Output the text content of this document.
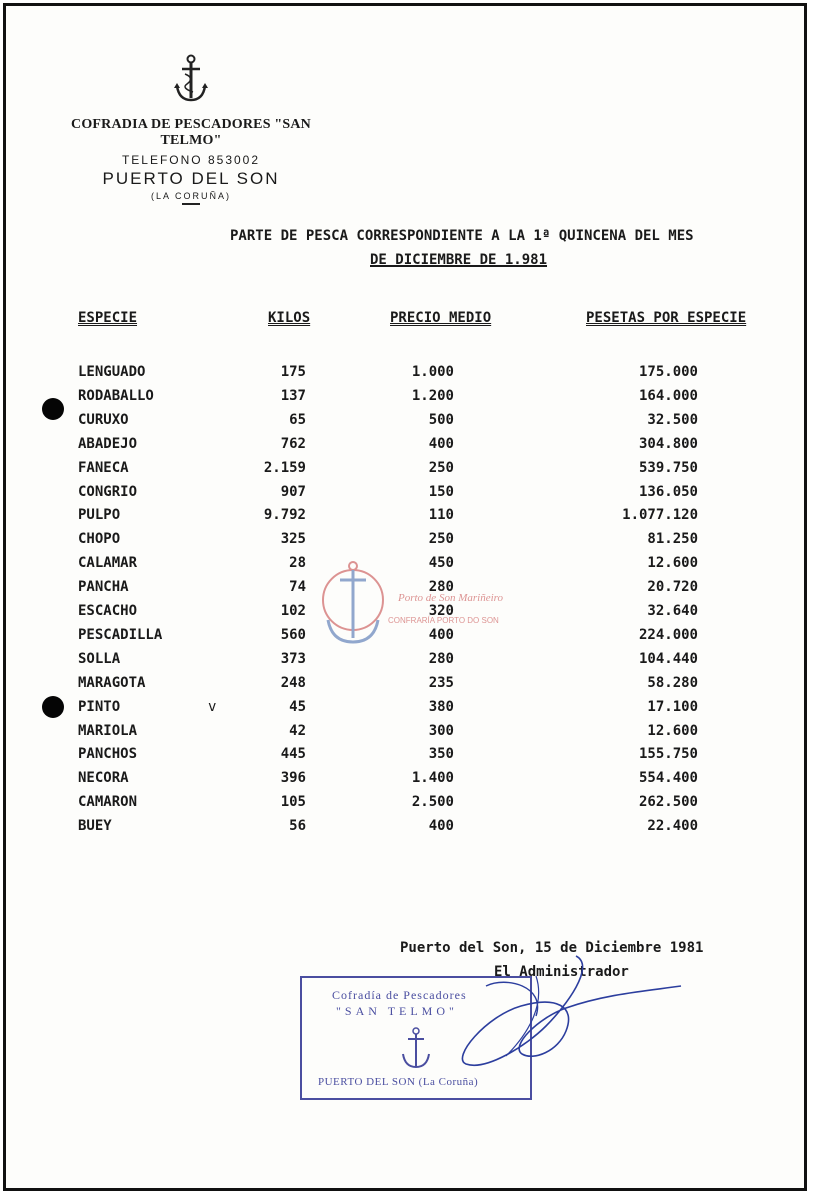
COFRADIA DE PESCADORES "SAN TELMO"
TELEFONO 853002
PUERTO DEL SON
(LA CORUÑA)
PARTE DE PESCA CORRESPONDIENTE A LA 1ª QUINCENA DEL MES
DE DICIEMBRE DE 1.981
ESPECIE	KILOS	PRECIO MEDIO	PESETAS POR ESPECIE
LENGUADO	175	1.000	175.000
RODABALLO	137	1.200	164.000
CURUXO	65	500	32.500
ABADEJO	762	400	304.800
FANECA	2.159	250	539.750
CONGRIO	907	150	136.050
PULPO	9.792	110	1.077.120
CHOPO	325	250	81.250
CALAMAR	28	450	12.600
PANCHA	74	280	20.720
ESCACHO	102	320	32.640
PESCADILLA	560	400	224.000
SOLLA	373	280	104.440
MARAGOTA	248	235	58.280
PINTO	45	380	17.100
v
MARIOLA	42	300	12.600
PANCHOS	445	350	155.750
NECORA	396	1.400	554.400
CAMARON	105	2.500	262.500
BUEY	56	400	22.400
Porto de Son Mariñeiro
CONFRARÍA PORTO DO SON
Puerto del Son, 15 de Diciembre 1981
El Administrador
Cofradía de Pescadores
"SAN TELMO"
PUERTO DEL SON (La Coruña)
